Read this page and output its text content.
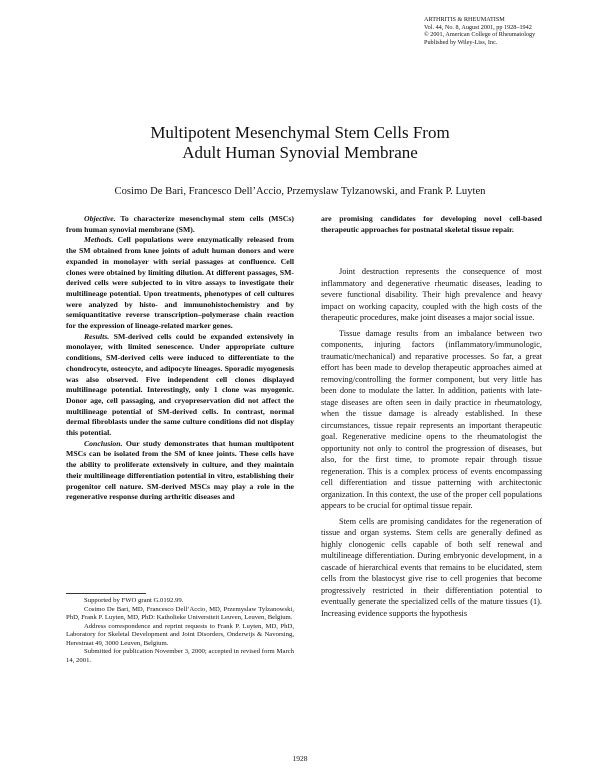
ARTHRITIS & RHEUMATISM
Vol. 44, No. 8, August 2001, pp 1928–1942
© 2001, American College of Rheumatology
Published by Wiley-Liss, Inc.
Multipotent Mesenchymal Stem Cells From
Adult Human Synovial Membrane
Cosimo De Bari, Francesco Dell’Accio, Przemyslaw Tylzanowski, and Frank P. Luyten

Objective. To characterize mesenchymal stem cells (MSCs) from human synovial membrane (SM).

Methods. Cell populations were enzymatically released from the SM obtained from knee joints of adult human donors and were expanded in monolayer with serial passages at confluence. Cell clones were obtained by limiting dilution. At different passages, SM-derived cells were subjected to in vitro assays to investigate their multilineage potential. Upon treatments, phenotypes of cell cultures were analyzed by histo- and immunohistochemistry and by semiquantitative reverse transcription–polymerase chain reaction for the expression of lineage-related marker genes.

Results. SM-derived cells could be expanded extensively in monolayer, with limited senescence. Under appropriate culture conditions, SM-derived cells were induced to differentiate to the chondrocyte, osteocyte, and adipocyte lineages. Sporadic myogenesis was also observed. Five independent cell clones displayed multilineage potential. Interestingly, only 1 clone was myogenic. Donor age, cell passaging, and cryopreservation did not affect the multilineage potential of SM-derived cells. In contrast, normal dermal fibroblasts under the same culture conditions did not display this potential.

Conclusion. Our study demonstrates that human multipotent MSCs can be isolated from the SM of knee joints. These cells have the ability to proliferate extensively in culture, and they maintain their multilineage differentiation potential in vitro, establishing their progenitor cell nature. SM-derived MSCs may play a role in the regenerative response during arthritic diseases and

are promising candidates for developing novel cell-based therapeutic approaches for postnatal skeletal tissue repair.

Joint destruction represents the consequence of most inflammatory and degenerative rheumatic diseases, leading to severe functional disability. Their high prevalence and heavy impact on working capacity, coupled with the high costs of the therapeutic procedures, make joint diseases a major social issue.

Tissue damage results from an imbalance between two components, injuring factors (inflammatory/immunologic, traumatic/mechanical) and reparative processes. So far, a great effort has been made to develop therapeutic approaches aimed at removing/controlling the former component, but very little has been done to modulate the latter. In addition, patients with late-stage diseases are often seen in daily practice in rheumatology, when the tissue damage is already established. In these circumstances, tissue repair represents an important therapeutic goal. Regenerative medicine opens to the rheumatologist the opportunity not only to control the progression of diseases, but also, for the first time, to promote repair through tissue regeneration. This is a complex process of events encompassing cell differentiation and tissue patterning with architectonic organization. In this context, the use of the proper cell populations appears to be crucial for optimal tissue repair.

Stem cells are promising candidates for the regeneration of tissue and organ systems. Stem cells are generally defined as highly clonogenic cells capable of both self renewal and multilineage differentiation. During embryonic development, in a cascade of hierarchical events that remains to be elucidated, stem cells from the blastocyst give rise to cell progenies that become progressively restricted in their differentiation potential to eventually generate the specialized cells of the mature tissues (1). Increasing evidence supports the hypothesis

Supported by FWO grant G.0192.99.

Cosimo De Bari, MD, Francesco Dell’Accio, MD, Przemyslaw Tylzanowski, PhD, Frank P. Luyten, MD, PhD: Katholieke Universiteit Leuven, Leuven, Belgium.

Address correspondence and reprint requests to Frank P. Luyten, MD, PhD, Laboratory for Skeletal Development and Joint Disorders, Onderwijs & Navorsing, Herestraat 49, 3000 Leuven, Belgium.

Submitted for publication November 3, 2000; accepted in revised form March 14, 2001.

1928
